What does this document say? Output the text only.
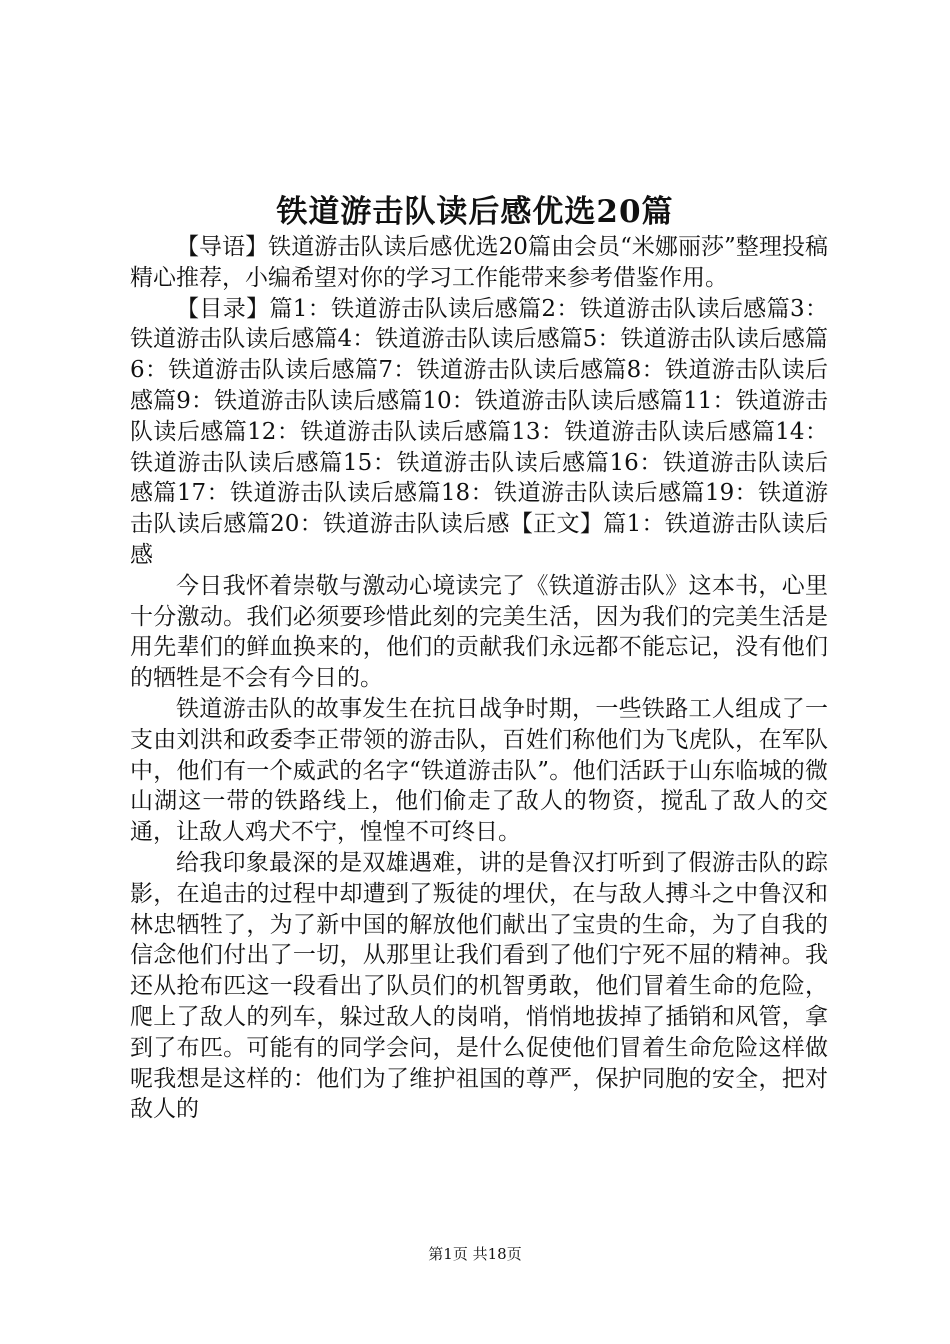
铁道游击队读后感优选20篇

【导语】铁道游击队读后感优选20篇由会员“米娜丽莎”整理投稿精心推荐，小编希望对你的学习工作能带来参考借鉴作用。

【目录】篇1：铁道游击队读后感篇2：铁道游击队读后感篇3：铁道游击队读后感篇4：铁道游击队读后感篇5：铁道游击队读后感篇6：铁道游击队读后感篇7：铁道游击队读后感篇8：铁道游击队读后感篇9：铁道游击队读后感篇10：铁道游击队读后感篇11：铁道游击队读后感篇12：铁道游击队读后感篇13：铁道游击队读后感篇14：铁道游击队读后感篇15：铁道游击队读后感篇16：铁道游击队读后感篇17：铁道游击队读后感篇18：铁道游击队读后感篇19：铁道游击队读后感篇20：铁道游击队读后感【正文】篇1：铁道游击队读后感

今日我怀着崇敬与激动心境读完了《铁道游击队》这本书，心里十分激动。我们必须要珍惜此刻的完美生活，因为我们的完美生活是用先辈们的鲜血换来的，他们的贡献我们永远都不能忘记，没有他们的牺牲是不会有今日的。

铁道游击队的故事发生在抗日战争时期，一些铁路工人组成了一支由刘洪和政委李正带领的游击队，百姓们称他们为飞虎队，在军队中，他们有一个威武的名字“铁道游击队”。他们活跃于山东临城的微山湖这一带的铁路线上，他们偷走了敌人的物资，搅乱了敌人的交通，让敌人鸡犬不宁，惶惶不可终日。

给我印象最深的是双雄遇难，讲的是鲁汉打听到了假游击队的踪影，在追击的过程中却遭到了叛徒的埋伏，在与敌人搏斗之中鲁汉和林忠牺牲了，为了新中国的解放他们献出了宝贵的生命，为了自我的信念他们付出了一切，从那里让我们看到了他们宁死不屈的精神。我还从抢布匹这一段看出了队员们的机智勇敢，他们冒着生命的危险，爬上了敌人的列车，躲过敌人的岗哨，悄悄地拔掉了插销和风管，拿到了布匹。可能有的同学会问，是什么促使他们冒着生命危险这样做呢我想是这样的：他们为了维护祖国的尊严，保护同胞的安全，把对敌人的

第1页 共18页
